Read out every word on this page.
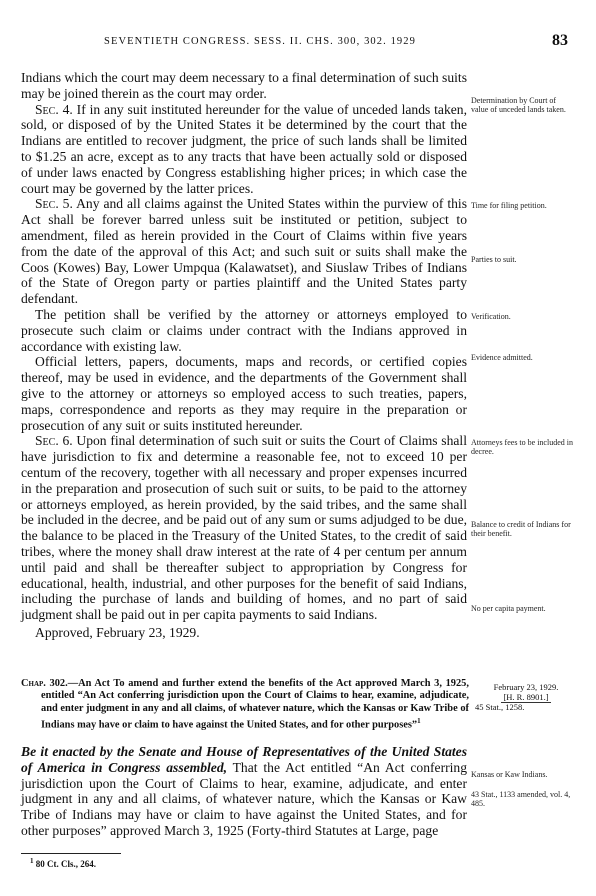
SEVENTIETH CONGRESS. SESS. II. CHS. 300, 302. 1929	83

Indians which the court may deem necessary to a final determination of such suits may be joined therein as the court may order.

Sec. 4. If in any suit instituted hereunder for the value of unceded lands taken, sold, or disposed of by the United States it be determined by the court that the Indians are entitled to recover judgment, the price of such lands shall be limited to $1.25 an acre, except as to any tracts that have been actually sold or disposed of under laws enacted by Congress establishing higher prices; in which case the court may be governed by the latter prices.

Sec. 5. Any and all claims against the United States within the purview of this Act shall be forever barred unless suit be instituted or petition, subject to amendment, filed as herein provided in the Court of Claims within five years from the date of the approval of this Act; and such suit or suits shall make the Coos (Kowes) Bay, Lower Umpqua (Kalawatset), and Siuslaw Tribes of Indians of the State of Oregon party or parties plaintiff and the United States party defendant.

The petition shall be verified by the attorney or attorneys employed to prosecute such claim or claims under contract with the Indians approved in accordance with existing law.

Official letters, papers, documents, maps and records, or certified copies thereof, may be used in evidence, and the departments of the Government shall give to the attorney or attorneys so employed access to such treaties, papers, maps, correspondence and reports as they may require in the preparation or prosecution of any suit or suits instituted hereunder.

Sec. 6. Upon final determination of such suit or suits the Court of Claims shall have jurisdiction to fix and determine a reasonable fee, not to exceed 10 per centum of the recovery, together with all necessary and proper expenses incurred in the preparation and prosecution of such suit or suits, to be paid to the attorney or attorneys employed, as herein provided, by the said tribes, and the same shall be included in the decree, and be paid out of any sum or sums adjudged to be due, the balance to be placed in the Treasury of the United States, to the credit of said tribes, where the money shall draw interest at the rate of 4 per centum per annum until paid and shall be thereafter subject to appropriation by Congress for educational, health, industrial, and other purposes for the benefit of said Indians, including the purchase of lands and building of homes, and no part of said judgment shall be paid out in per capita payments to said Indians.

Approved, February 23, 1929.

Determination by Court of value of unceded lands taken.
Time for filing petition.
Parties to suit.
Verification.
Evidence admitted.
Attorneys fees to be included in decree.
Balance to credit of Indians for their benefit.
No per capita payment.

Chap. 302.—An Act To amend and further extend the benefits of the Act approved March 3, 1925, entitled “An Act conferring jurisdiction upon the Court of Claims to hear, examine, adjudicate, and enter judgment in any and all claims, of whatever nature, which the Kansas or Kaw Tribe of Indians may have or claim to have against the United States, and for other purposes”$^1$

February 23, 1929.
[H. R. 8901.]
45 Stat., 1258.

Be it enacted by the Senate and House of Representatives of the United States of America in Congress assembled, That the Act entitled “An Act conferring jurisdiction upon the Court of Claims to hear, examine, adjudicate, and enter judgment in any and all claims, of whatever nature, which the Kansas or Kaw Tribe of Indians may have or claim to have against the United States, and for other purposes” approved March 3, 1925 (Forty-third Statutes at Large, page

Kansas or Kaw Indians.
43 Stat., 1133 amended, vol. 4, 485.
$^1$ 80 Ct. Cls., 264.
